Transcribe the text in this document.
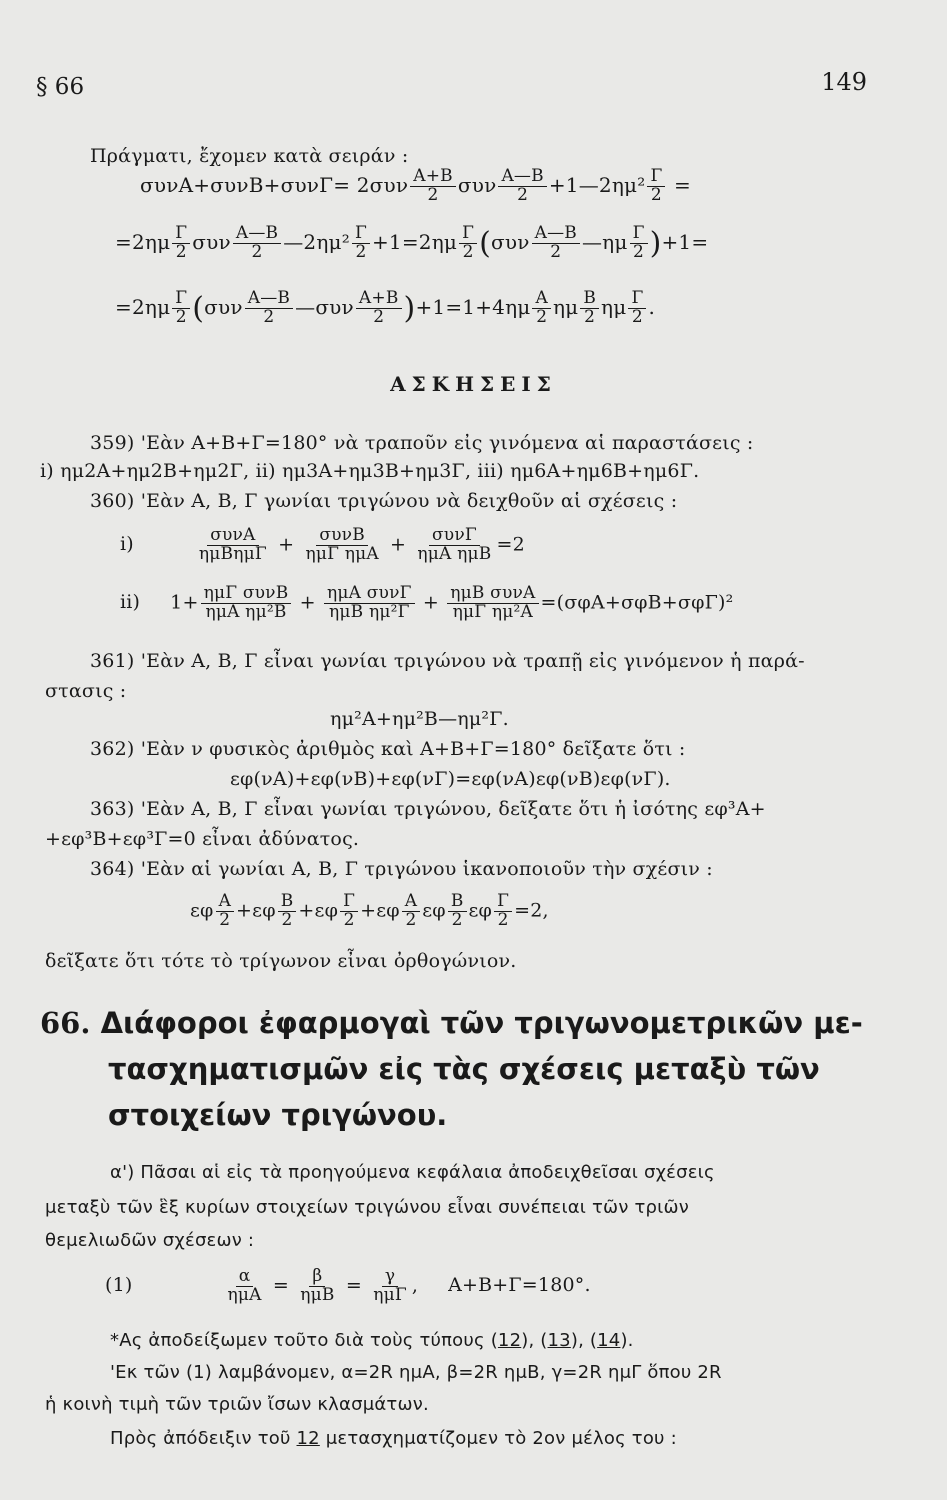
§ 66	149
Πράγματι, ἔχομεν κατὰ σειράν :
$\sigma\upsilon\nu A+\sigma\upsilon\nu B+\sigma\upsilon\nu\Gamma= 2\sigma\upsilon\nu \frac{A+B}{2}$ συν $\frac{A—B}{2}$ +1—2ημ² $\frac{\Gamma}{2}$ =
$=2\eta\mu \frac{\Gamma}{2}$ συν $\frac{A—B}{2}$ —2ημ² $\frac{\Gamma}{2} +1=2\eta\mu \frac{\Gamma}{2} (\sigma\upsilon\nu \frac{A—B}{2}$ —ημ $\frac{\Gamma}{2} )+1=$
$=2\eta\mu \frac{\Gamma}{2} (\sigma\upsilon\nu \frac{A—B}{2}$ —συν $\frac{A+B}{2} )+1=1+4\eta\mu \frac{A}{2}$ ημ $\frac{B}{2}$ ημ $\frac{\Gamma}{2}$ .
ΑΣΚΗΣΕΙΣ
359) 'Εὰν A+B+Γ=180° νὰ τραποῦν εἰς γινόμενα αἱ παραστάσεις :
i) ημ2A+ημ2B+ημ2Γ, ii) ημ3A+ημ3B+ημ3Γ, iii) ημ6A+ημ6B+ημ6Γ.
360) 'Εὰν A, B, Γ γωνίαι τριγώνου νὰ δειχθοῦν αἱ σχέσεις :
i)	$\frac{\text{συνA}}{\text{ημBημΓ}} + \frac{\text{συνB}}{\text{ημΓ ημA}} + \frac{\text{συνΓ}}{\text{ημA ημB}} =2$
ii) $1+ \frac{\text{ημΓ συνB}}{\text{ημA ημ²B}} + \frac{\text{ημA συνΓ}}{\text{ημB ημ²Γ}} + \frac{\text{ημB συνA}}{\text{ημΓ ημ²A}} =(\sigma\varphi A+\sigma\varphi B+\sigma\varphi\Gamma)^2$
361) 'Εὰν A, B, Γ εἶναι γωνίαι τριγώνου νὰ τραπῇ εἰς γινόμενον ἡ παρά-
στασις :
ημ²A+ημ²B—ημ²Γ.
362) 'Εὰν ν φυσικὸς ἀριθμὸς καὶ A+B+Γ=180° δεῖξατε ὅτι :
εφ(νA)+εφ(νB)+εφ(νΓ)=εφ(νA)εφ(νB)εφ(νΓ).
363) 'Εὰν A, B, Γ εἶναι γωνίαι τριγώνου, δεῖξατε ὅτι ἡ ἰσότης εφ³A+
+εφ³B+εφ³Γ=0 εἶναι ἀδύνατος.
364) 'Εὰν αἱ γωνίαι A, B, Γ τριγώνου ἱκανοποιοῦν τὴν σχέσιν :
εφ $\frac{A}{2} +\varepsilon\varphi \frac{B}{2} +\varepsilon\varphi \frac{\Gamma}{2} +\varepsilon\varphi \frac{A}{2}$ εφ $\frac{B}{2}$ εφ $\frac{\Gamma}{2} =2$,
δεῖξατε ὅτι τότε τὸ τρίγωνον εἶναι ὀρθογώνιον.
66. Διάφοροι ἐφαρμογαὶ τῶν τριγωνομετρικῶν με-
τασχηματισμῶν εἰς τὰς σχέσεις μεταξὺ τῶν
στοιχείων τριγώνου.
α') Πᾶσαι αἱ εἰς τὰ προηγούμενα κεφάλαια ἀποδειχθεῖσαι σχέσεις
μεταξὺ τῶν ἓξ κυρίων στοιχείων τριγώνου εἶναι συνέπειαι τῶν τριῶν
θεμελιωδῶν σχέσεων :
(1)	$\frac{\alpha}{\text{ημA}} = \frac{\beta}{\text{ημB}} = \frac{\gamma}{\text{ημΓ}}$ , A+B+Γ=180°.
*Ας ἀποδείξωμεν τοῦτο διὰ τοὺς τύπους (12), (13), (14).
'Εκ τῶν (1) λαμβάνομεν, α=2R ημA, β=2R ημB, γ=2R ημΓ ὅπου 2R
ἡ κοινὴ τιμὴ τῶν τριῶν ἴσων κλασμάτων.
Πρὸς ἀπόδειξιν τοῦ 12 μετασχηματίζομεν τὸ 2ον μέλος του :
